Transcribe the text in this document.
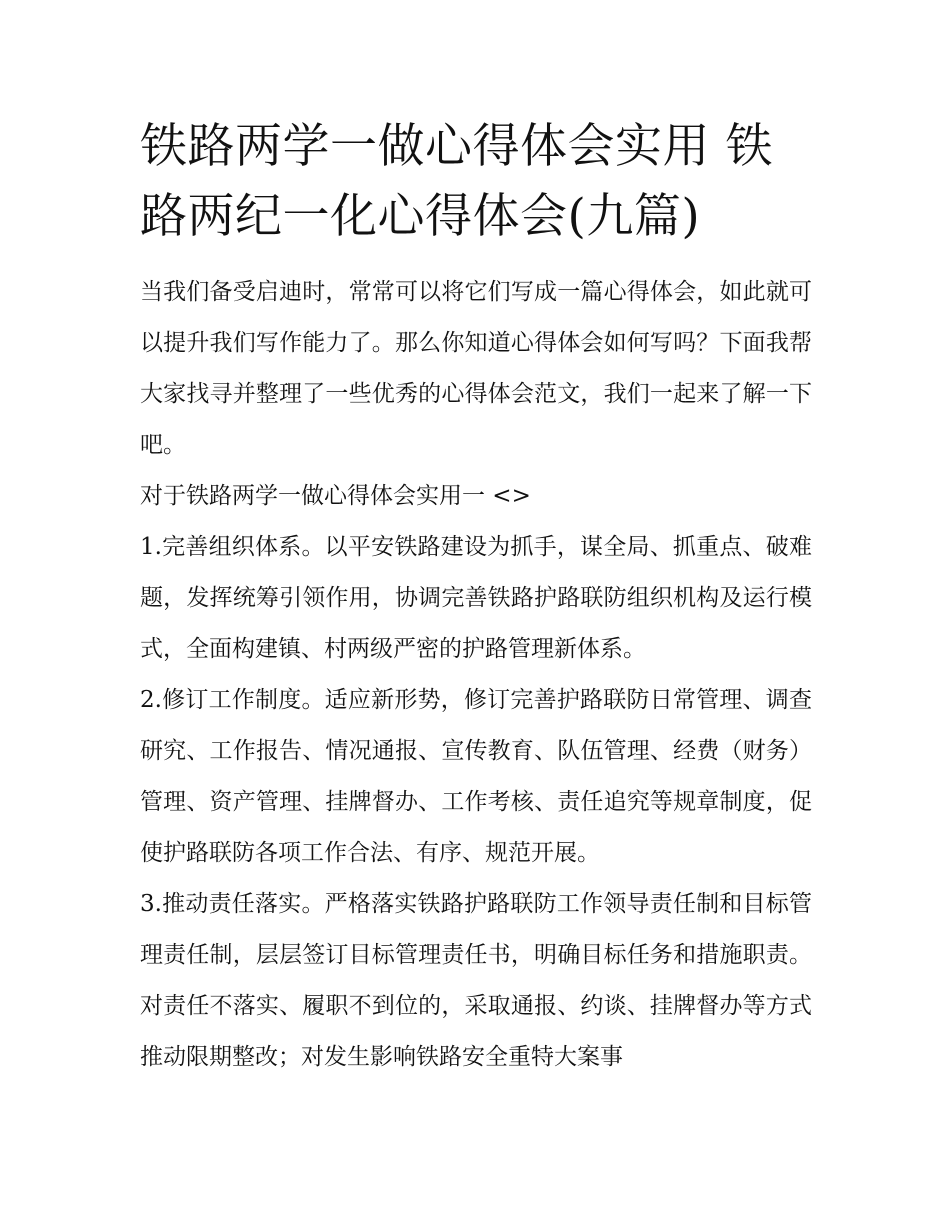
铁路两学一做心得体会实用 铁路两纪一化心得体会(九篇)

当我们备受启迪时，常常可以将它们写成一篇心得体会，如此就可以提升我们写作能力了。那么你知道心得体会如何写吗？下面我帮大家找寻并整理了一些优秀的心得体会范文，我们一起来了解一下吧。

对于铁路两学一做心得体会实用一 <>

1.完善组织体系。以平安铁路建设为抓手，谋全局、抓重点、破难题，发挥统筹引领作用，协调完善铁路护路联防组织机构及运行模式，全面构建镇、村两级严密的护路管理新体系。

2.修订工作制度。适应新形势，修订完善护路联防日常管理、调查研究、工作报告、情况通报、宣传教育、队伍管理、经费（财务）管理、资产管理、挂牌督办、工作考核、责任追究等规章制度，促使护路联防各项工作合法、有序、规范开展。

3.推动责任落实。严格落实铁路护路联防工作领导责任制和目标管理责任制，层层签订目标管理责任书，明确目标任务和措施职责。对责任不落实、履职不到位的，采取通报、约谈、挂牌督办等方式推动限期整改；对发生影响铁路安全重特大案事
